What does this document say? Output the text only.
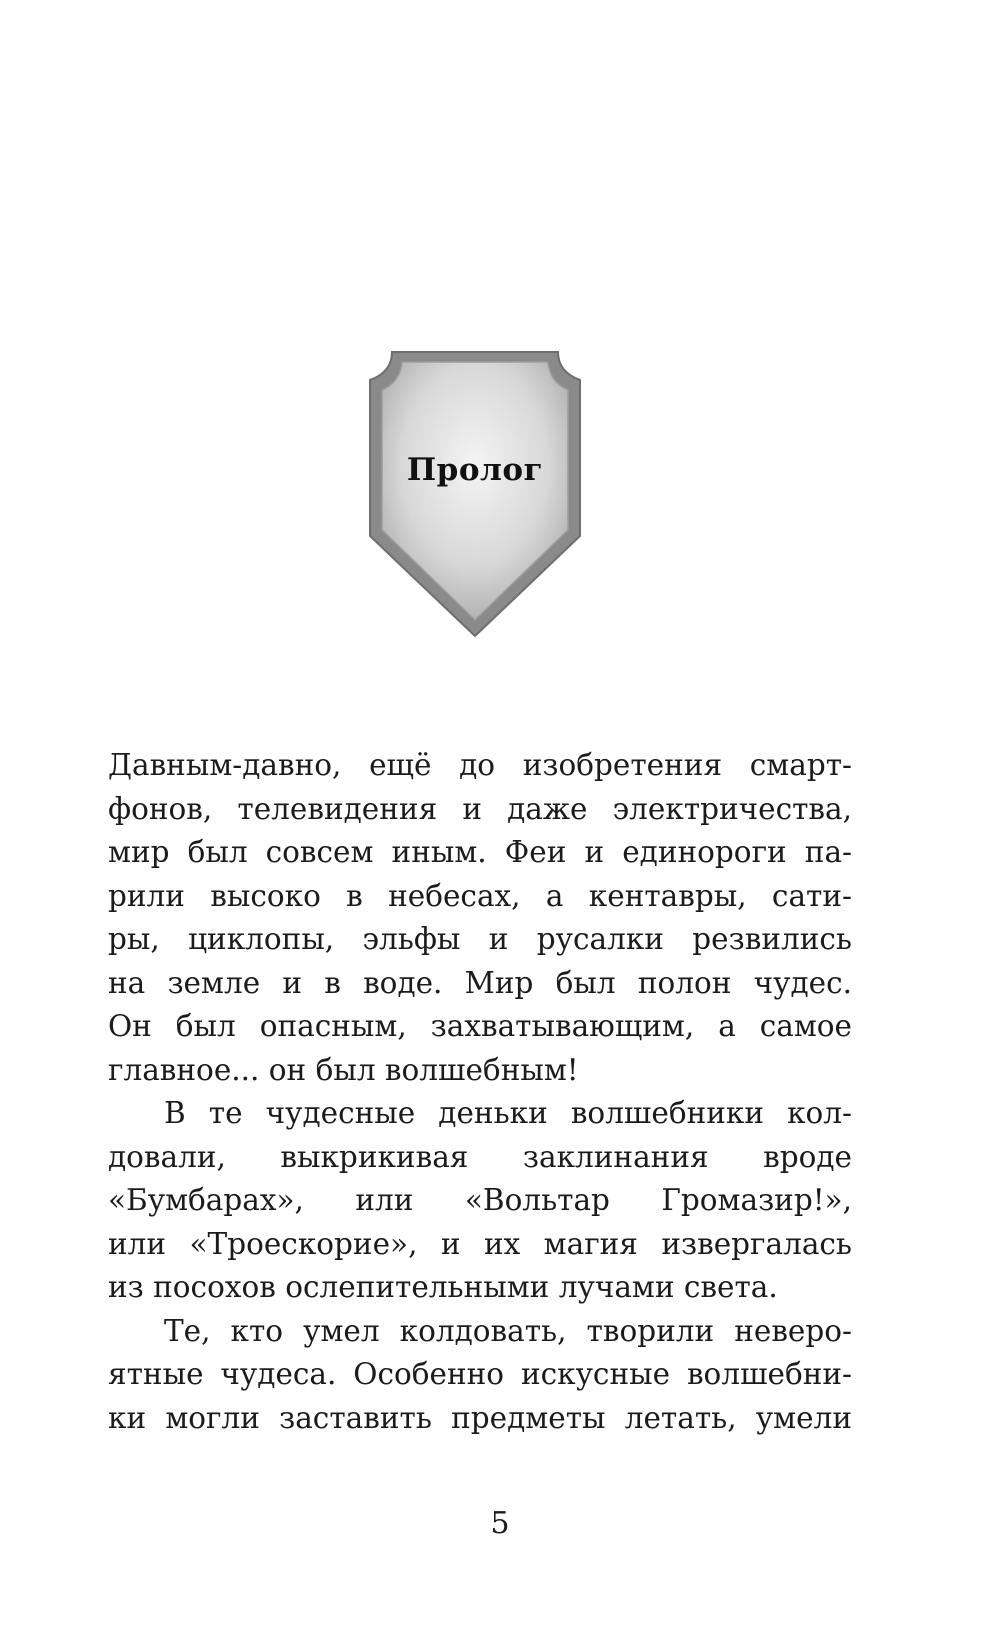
Пролог

Давным-давно, ещё до изобретения смарт-
фонов, телевидения и даже электричества,
мир был совсем иным. Феи и единороги па-
рили высоко в небесах, а кентавры, сати-
ры, циклопы, эльфы и русалки резвились
на земле и в воде. Мир был полон чудес.
Он был опасным, захватывающим, а самое
главное... он был волшебным!

В те чудесные деньки волшебники кол-
довали, выкрикивая заклинания вроде
«Бумбарах», или «Вольтар Громазир!»,
или «Троескорие», и их магия извергалась
из посохов ослепительными лучами света.

Те, кто умел колдовать, творили неверо-
ятные чудеса. Особенно искусные волшебни-
ки могли заставить предметы летать, умели

5
